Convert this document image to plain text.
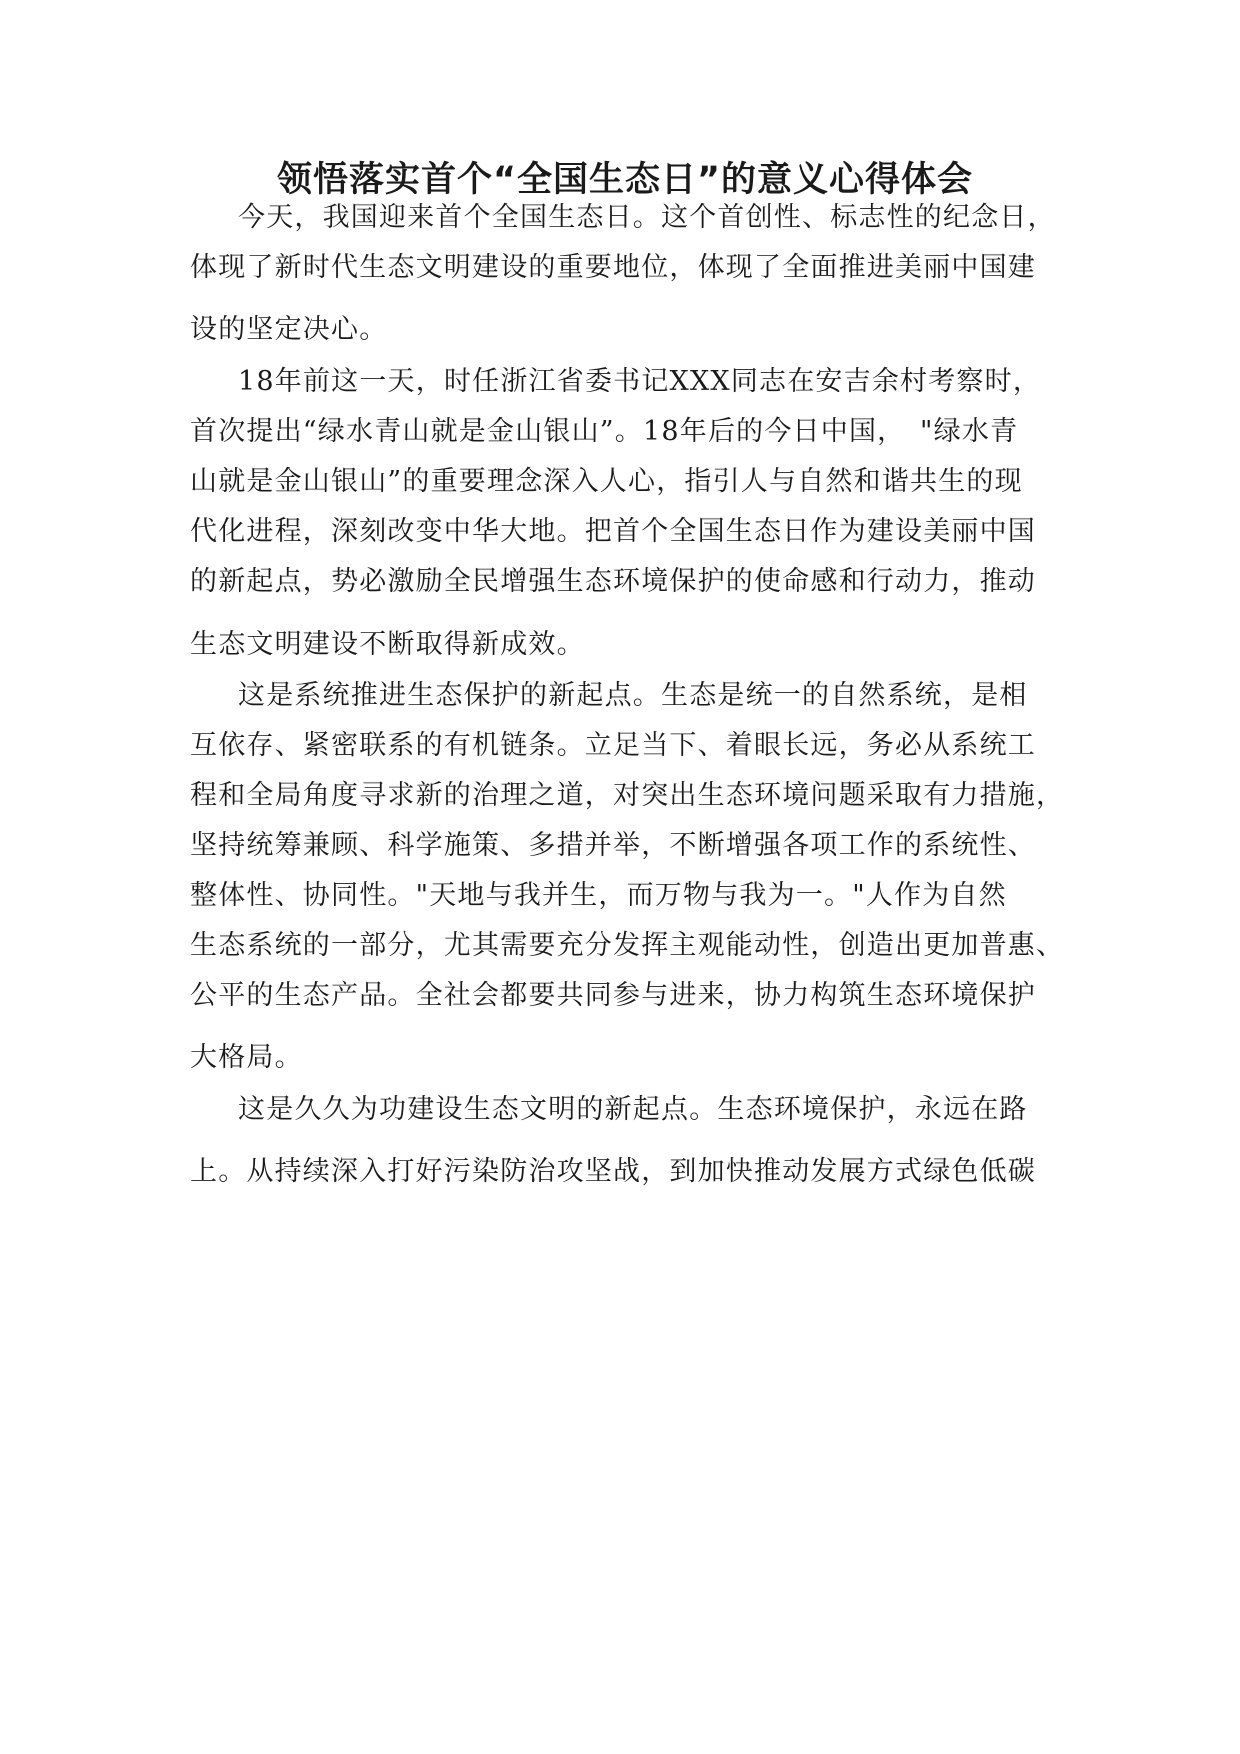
领悟落实首个“全国生态日”的意义心得体会
今天，我国迎来首个全国生态日。这个首创性、标志性的纪念日，
体现了新时代生态文明建设的重要地位，体现了全面推进美丽中国建
设的坚定决心。
18年前这一天，时任浙江省委书记XXX同志在安吉余村考察时，
首次提出“绿水青山就是金山银山”。18年后的今日中国，　"绿水青
山就是金山银山”的重要理念深入人心，指引人与自然和谐共生的现
代化进程，深刻改变中华大地。把首个全国生态日作为建设美丽中国
的新起点，势必激励全民增强生态环境保护的使命感和行动力，推动
生态文明建设不断取得新成效。
这是系统推进生态保护的新起点。生态是统一的自然系统，是相
互依存、紧密联系的有机链条。立足当下、着眼长远，务必从系统工
程和全局角度寻求新的治理之道，对突出生态环境问题采取有力措施，
坚持统筹兼顾、科学施策、多措并举，不断增强各项工作的系统性、
整体性、协同性。"天地与我并生，而万物与我为一。"人作为自然
生态系统的一部分，尤其需要充分发挥主观能动性，创造出更加普惠、
公平的生态产品。全社会都要共同参与进来，协力构筑生态环境保护
大格局。
这是久久为功建设生态文明的新起点。生态环境保护，永远在路
上。从持续深入打好污染防治攻坚战，到加快推动发展方式绿色低碳
